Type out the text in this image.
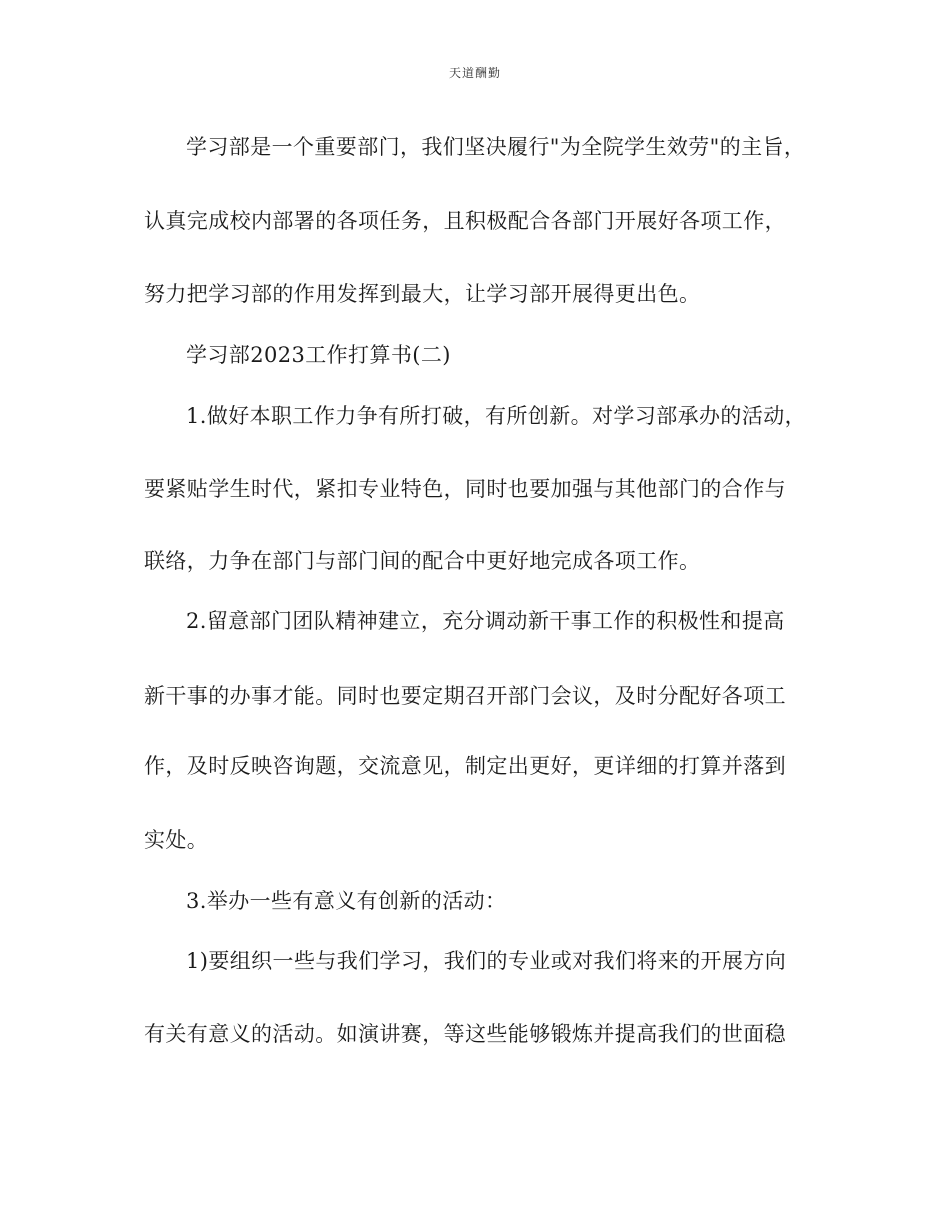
天道酬勤
学习部是一个重要部门，我们坚决履行"为全院学生效劳"的主旨，
认真完成校内部署的各项任务，且积极配合各部门开展好各项工作，
努力把学习部的作用发挥到最大，让学习部开展得更出色。
学习部2023工作打算书(二)
1.做好本职工作力争有所打破，有所创新。对学习部承办的活动，
要紧贴学生时代，紧扣专业特色，同时也要加强与其他部门的合作与
联络，力争在部门与部门间的配合中更好地完成各项工作。
2.留意部门团队精神建立，充分调动新干事工作的积极性和提高
新干事的办事才能。同时也要定期召开部门会议，及时分配好各项工
作，及时反映咨询题，交流意见，制定出更好，更详细的打算并落到
实处。
3.举办一些有意义有创新的活动：
1)要组织一些与我们学习，我们的专业或对我们将来的开展方向
有关有意义的活动。如演讲赛，等这些能够锻炼并提高我们的世面稳
